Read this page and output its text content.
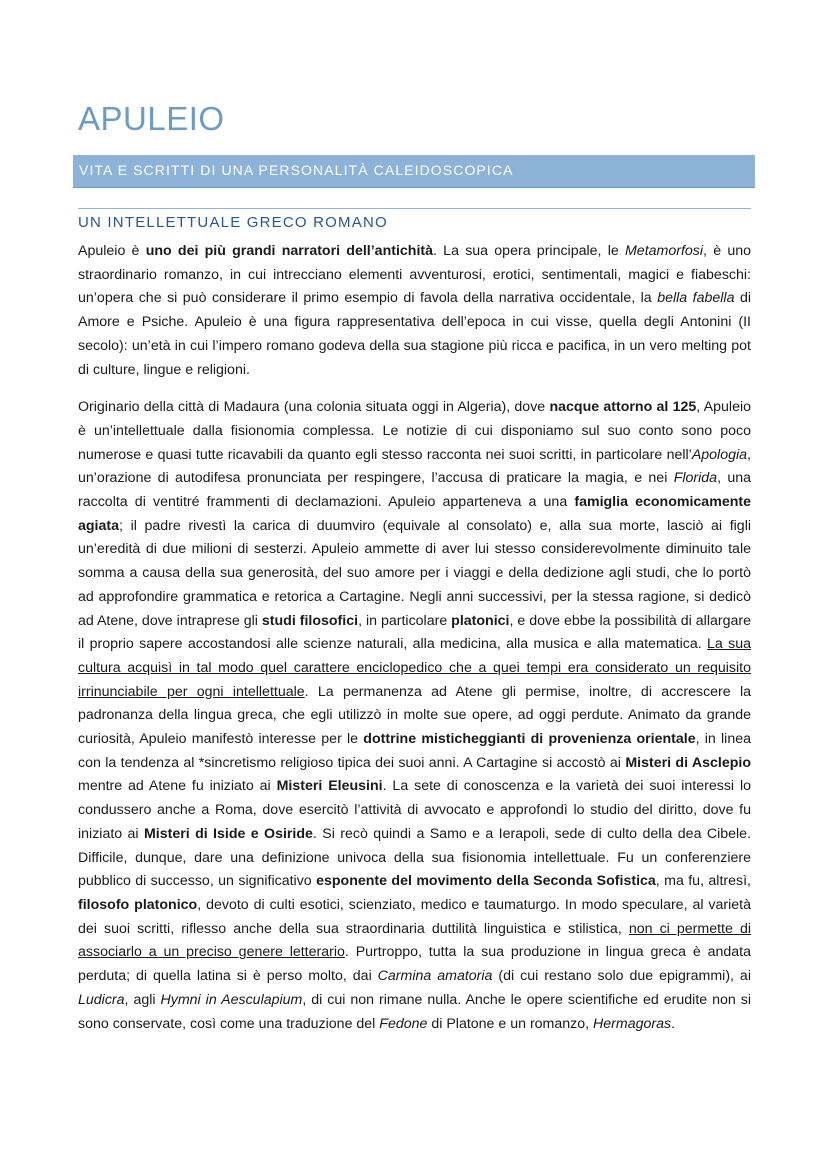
APULEIO
VITA E SCRITTI DI UNA PERSONALITÀ CALEIDOSCOPICA
UN INTELLETTUALE GRECO ROMANO

Apuleio è uno dei più grandi narratori dell’antichità. La sua opera principale, le Metamorfosi, è uno straordinario romanzo, in cui intrecciano elementi avventurosi, erotici, sentimentali, magici e fiabeschi: un’opera che si può considerare il primo esempio di favola della narrativa occidentale, la bella fabella di Amore e Psiche. Apuleio è una figura rappresentativa dell’epoca in cui visse, quella degli Antonini (II secolo): un’età in cui l’impero romano godeva della sua stagione più ricca e pacifica, in un vero melting pot di culture, lingue e religioni.

Originario della città di Madaura (una colonia situata oggi in Algeria), dove nacque attorno al 125, Apuleio è un’intellettuale dalla fisionomia complessa. Le notizie di cui disponiamo sul suo conto sono poco numerose e quasi tutte ricavabili da quanto egli stesso racconta nei suoi scritti, in particolare nell’Apologia, un’orazione di autodifesa pronunciata per respingere, l’accusa di praticare la magia, e nei Florida, una raccolta di ventitré frammenti di declamazioni. Apuleio apparteneva a una famiglia economicamente agiata; il padre rivestì la carica di duumviro (equivale al consolato) e, alla sua morte, lasciò ai figli un’eredità di due milioni di sesterzi. Apuleio ammette di aver lui stesso considerevolmente diminuito tale somma a causa della sua generosità, del suo amore per i viaggi e della dedizione agli studi, che lo portò ad approfondire grammatica e retorica a Cartagine. Negli anni successivi, per la stessa ragione, si dedicò ad Atene, dove intraprese gli studi filosofici, in particolare platonici, e dove ebbe la possibilità di allargare il proprio sapere accostandosi alle scienze naturali, alla medicina, alla musica e alla matematica. La sua cultura acquisì in tal modo quel carattere enciclopedico che a quei tempi era considerato un requisito irrinunciabile per ogni intellettuale. La permanenza ad Atene gli permise, inoltre, di accrescere la padronanza della lingua greca, che egli utilizzò in molte sue opere, ad oggi perdute. Animato da grande curiosità, Apuleio manifestò interesse per le dottrine misticheggianti di provenienza orientale, in linea con la tendenza al *sincretismo religioso tipica dei suoi anni. A Cartagine si accostò ai Misteri di Asclepio mentre ad Atene fu iniziato ai Misteri Eleusini. La sete di conoscenza e la varietà dei suoi interessi lo condussero anche a Roma, dove esercitò l’attività di avvocato e approfondì lo studio del diritto, dove fu iniziato ai Misteri di Iside e Osiride. Si recò quindi a Samo e a Ierapoli, sede di culto della dea Cibele. Difficile, dunque, dare una definizione univoca della sua fisionomia intellettuale. Fu un conferenziere pubblico di successo, un significativo esponente del movimento della Seconda Sofistica, ma fu, altresì, filosofo platonico, devoto di culti esotici, scienziato, medico e taumaturgo. In modo speculare, al varietà dei suoi scritti, riflesso anche della sua straordinaria duttilità linguistica e stilistica, non ci permette di associarlo a un preciso genere letterario. Purtroppo, tutta la sua produzione in lingua greca è andata perduta; di quella latina si è perso molto, dai Carmina amatoria (di cui restano solo due epigrammi), ai Ludicra, agli Hymni in Aesculapium, di cui non rimane nulla. Anche le opere scientifiche ed erudite non si sono conservate, così come una traduzione del Fedone di Platone e un romanzo, Hermagoras.
